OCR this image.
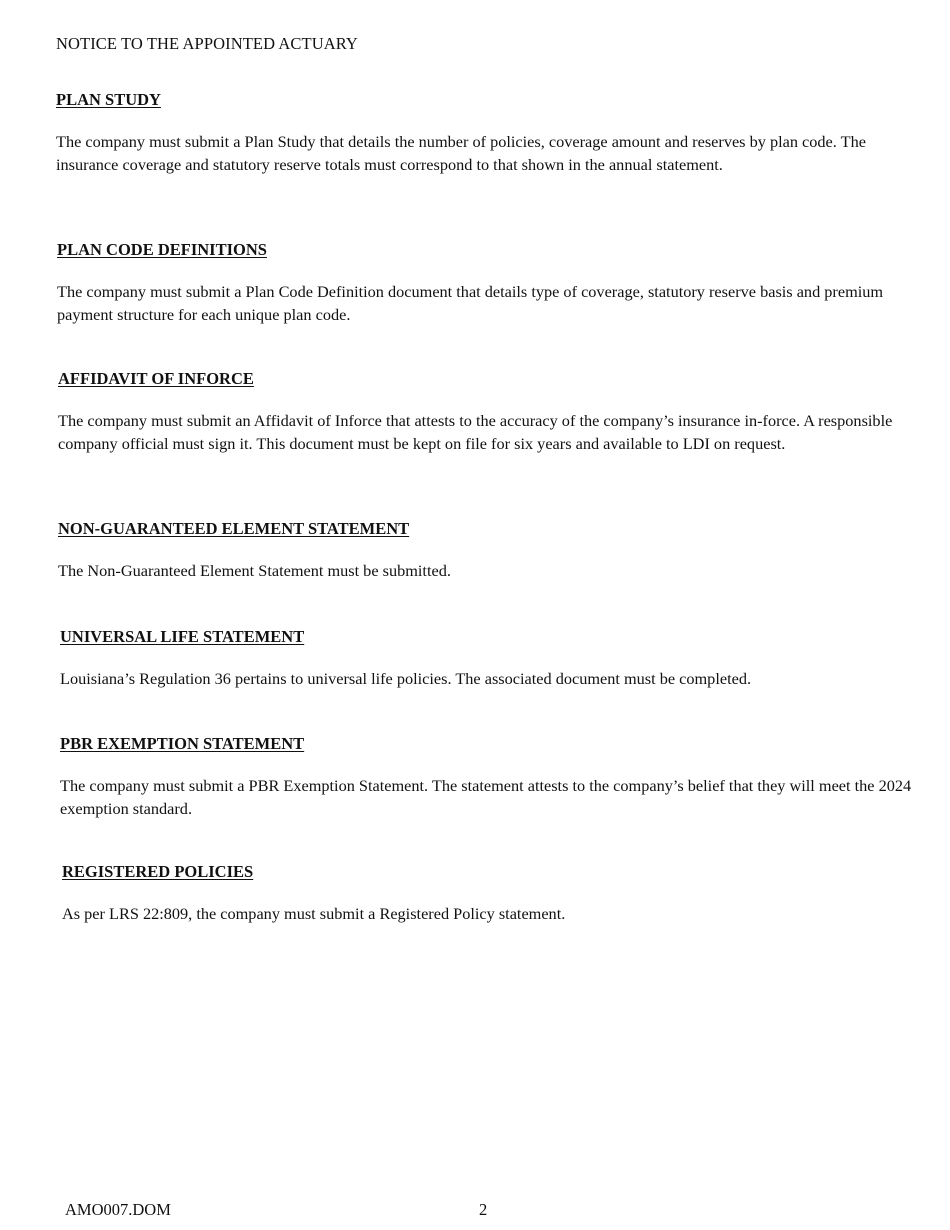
NOTICE TO THE APPOINTED ACTUARY
PLAN STUDY

The company must submit a Plan Study that details the number of policies, coverage amount and reserves by plan code. The insurance coverage and statutory reserve totals must correspond to that shown in the annual statement.

PLAN CODE DEFINITIONS

The company must submit a Plan Code Definition document that details type of coverage, statutory reserve basis and premium payment structure for each unique plan code.

AFFIDAVIT OF INFORCE

The company must submit an Affidavit of Inforce that attests to the accuracy of the company’s insurance in-force. A responsible company official must sign it. This document must be kept on file for six years and available to LDI on request.

NON-GUARANTEED ELEMENT STATEMENT

The Non-Guaranteed Element Statement must be submitted.

UNIVERSAL LIFE STATEMENT

Louisiana’s Regulation 36 pertains to universal life policies. The associated document must be completed.

PBR EXEMPTION STATEMENT

The company must submit a PBR Exemption Statement. The statement attests to the company’s belief that they will meet the 2024 exemption standard.

REGISTERED POLICIES

As per LRS 22:809, the company must submit a Registered Policy statement.

AMO007.DOM	2
